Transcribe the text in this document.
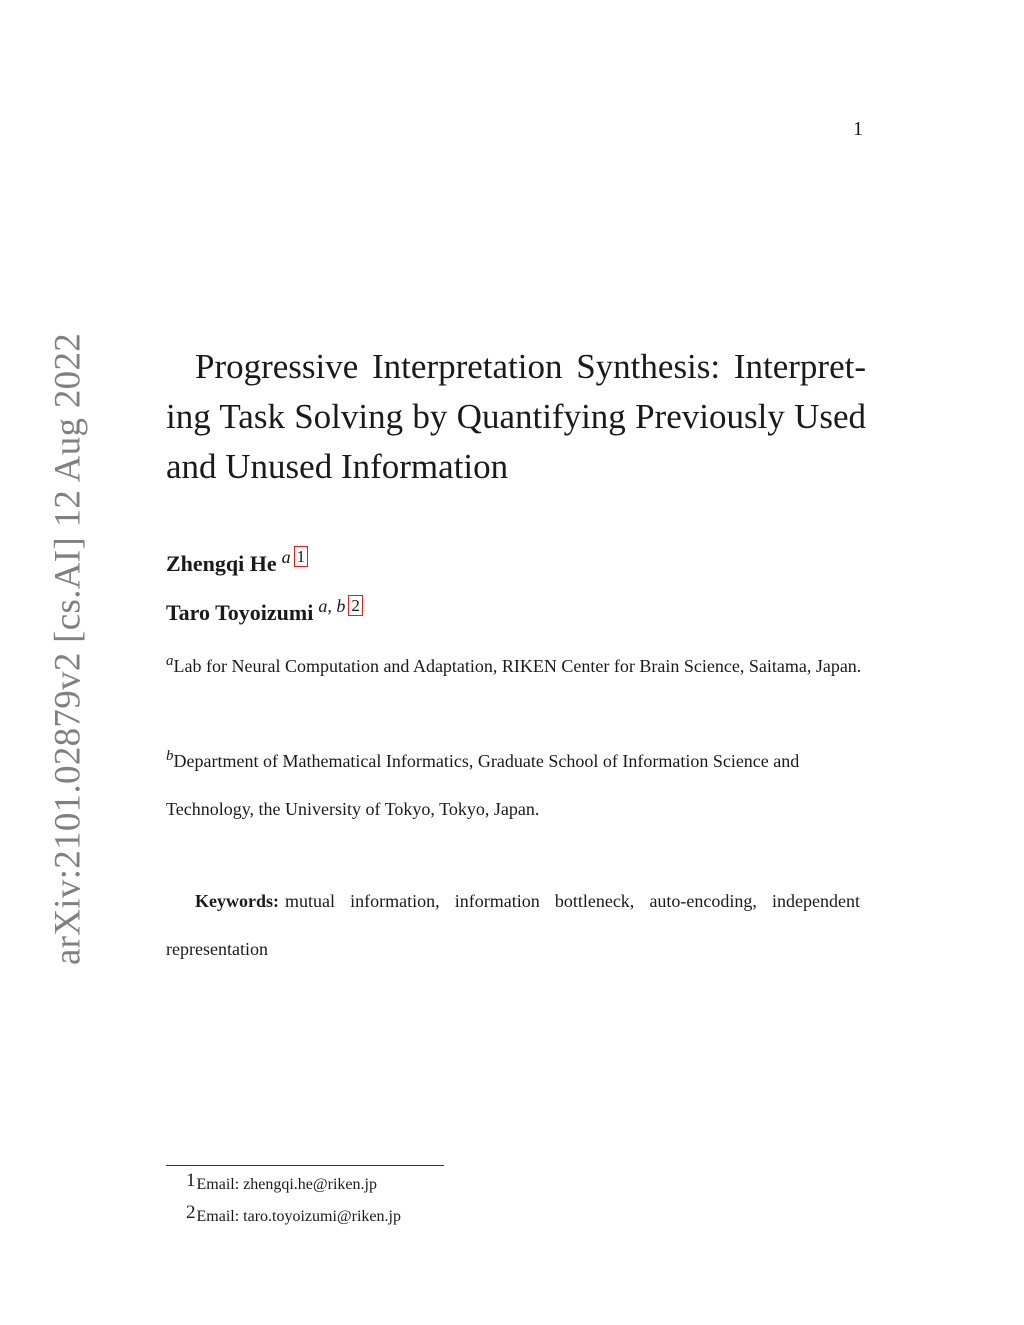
1
arXiv:2101.02879v2 [cs.AI] 12 Aug 2022	Progressive Interpretation Synthesis: Interpreting Task Solving by Quantifying Previously Used and Unused Information
Zhengqi He $^a$ 1
Taro Toyoizumi $^{a, b}$ 2
$^a$Lab for Neural Computation and Adaptation, RIKEN Center for Brain Science, Saitama, Japan.
$^b$Department of Mathematical Informatics, Graduate School of Information Science and Technology, the University of Tokyo, Tokyo, Japan.
Keywords: mutual information, information bottleneck, auto-encoding, independent representation
1Email: zhengqi.he@riken.jp
2Email: taro.toyoizumi@riken.jp
